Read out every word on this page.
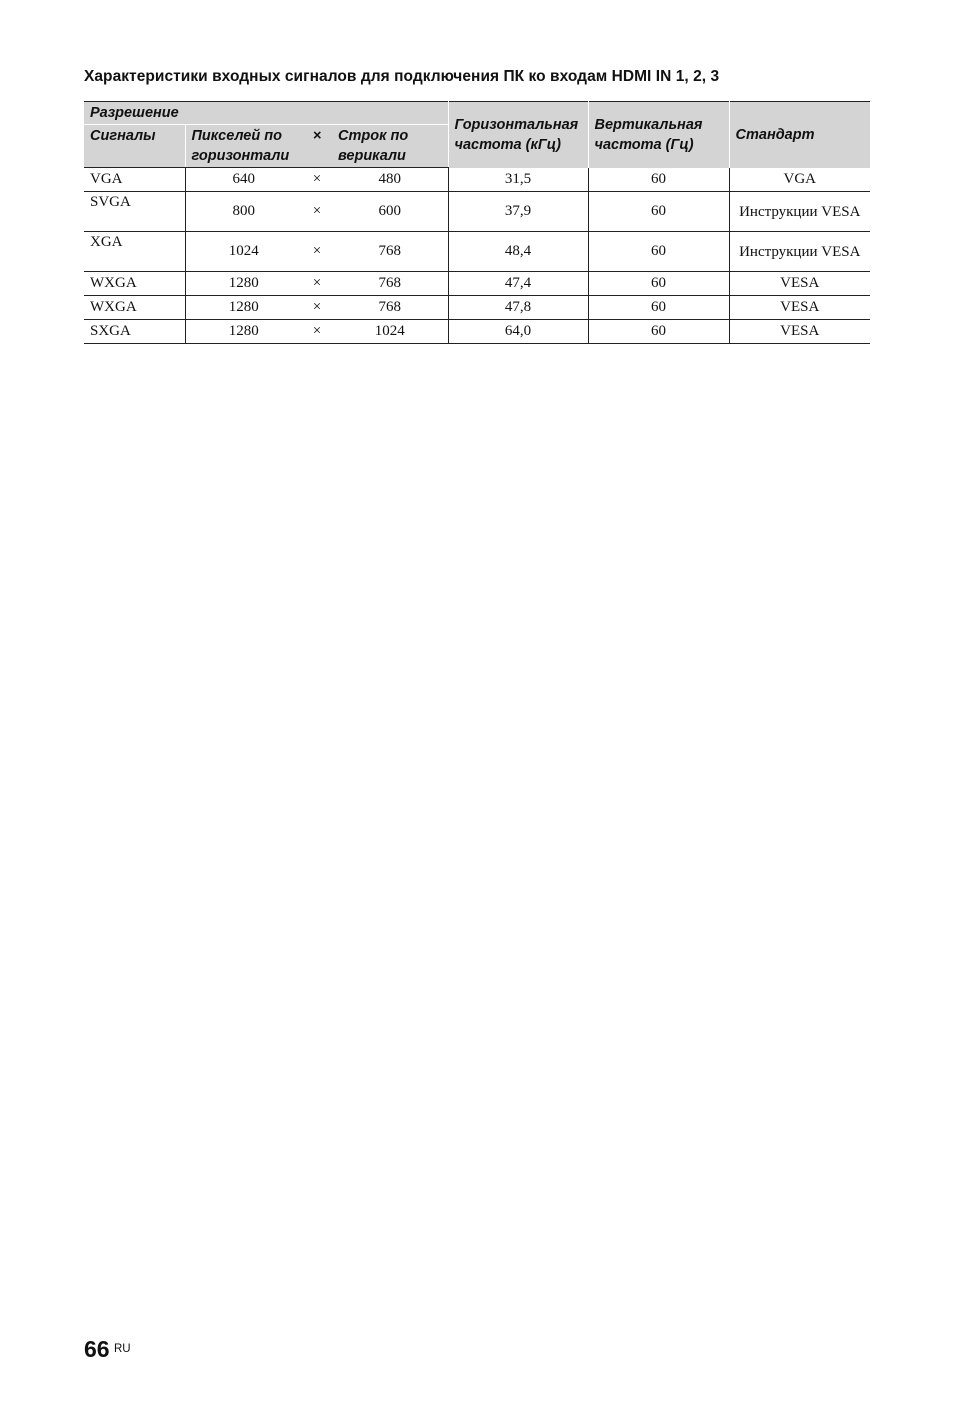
Характеристики входных сигналов для подключения ПК ко входам HDMI IN 1, 2, 3
Разрешение				Горизонтальная частота (кГц)	Вертикальная частота (Гц)	Стандарт
Сигналы	Пикселей по горизонтали	×	Строк по верикали			
VGA	640	×	480	31,5	60	VGA
SVGA	800	×	600	37,9	60	Инструкции VESA
XGA	1024	×	768	48,4	60	Инструкции VESA
WXGA	1280	×	768	47,4	60	VESA
WXGA	1280	×	768	47,8	60	VESA
SXGA	1280	×	1024	64,0	60	VESA
66 RU
